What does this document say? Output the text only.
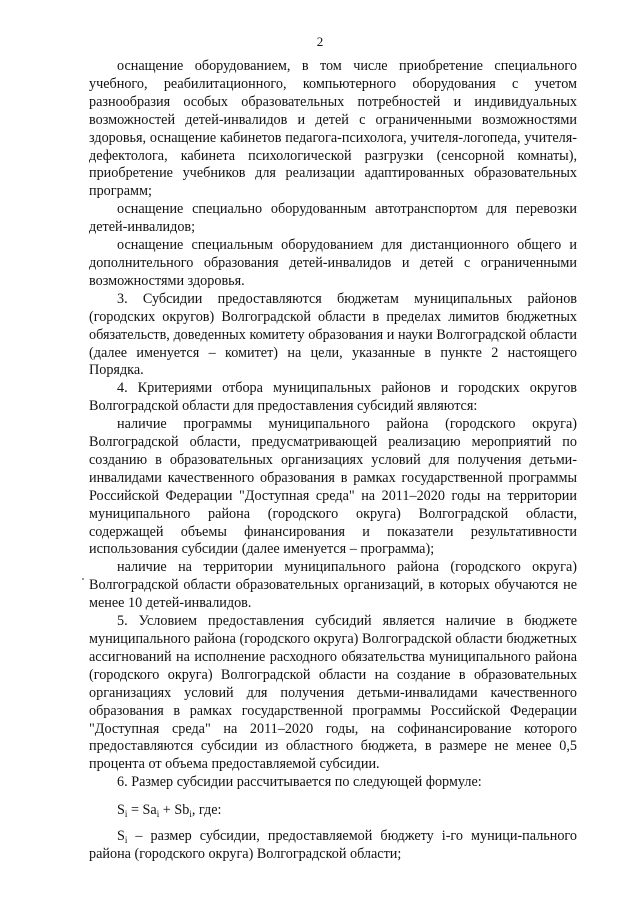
2

оснащение оборудованием, в том числе приобретение специального учебного, реабилитационного, компьютерного оборудования с учетом разнообразия особых образовательных потребностей и индивидуальных возможностей детей-инвалидов и детей с ограниченными возможностями здоровья, оснащение кабинетов педагога-психолога, учителя-логопеда, учителя-дефектолога, кабинета психологической разгрузки (сенсорной комнаты), приобретение учебников для реализации адаптированных образовательных программ;

оснащение специально оборудованным автотранспортом для перевозки детей-инвалидов;

оснащение специальным оборудованием для дистанционного общего и дополнительного образования детей-инвалидов и детей с ограниченными возможностями здоровья.

3. Субсидии предоставляются бюджетам муниципальных районов (городских округов) Волгоградской области в пределах лимитов бюджетных обязательств, доведенных комитету образования и науки Волгоградской области (далее именуется – комитет) на цели, указанные в пункте 2 настоящего Порядка.

4. Критериями отбора муниципальных районов и городских округов Волгоградской области для предоставления субсидий являются:

наличие программы муниципального района (городского округа) Волгоградской области, предусматривающей реализацию мероприятий по созданию в образовательных организациях условий для получения детьми-инвалидами качественного образования в рамках государственной программы Российской Федерации "Доступная среда" на 2011–2020 годы на территории муниципального района (городского округа) Волгоградской области, содержащей объемы финансирования и показатели результативности использования субсидии (далее именуется – программа);

наличие на территории муниципального района (городского округа) Волгоградской области образовательных организаций, в которых обучаются не менее 10 детей-инвалидов.

5. Условием предоставления субсидий является наличие в бюджете муниципального района (городского округа) Волгоградской области бюджетных ассигнований на исполнение расходного обязательства муниципального района (городского округа) Волгоградской области на создание в образовательных организациях условий для получения детьми-инвалидами качественного образования в рамках государственной программы Российской Федерации "Доступная среда" на 2011–2020 годы, на софинансирование которого предоставляются субсидии из областного бюджета, в размере не менее 0,5 процента от объема предоставляемой субсидии.

6. Размер субсидии рассчитывается по следующей формуле:

$S_i = Sa_i + Sb_i$, где:

$S_i$ – размер субсидии, предоставляемой бюджету i-го муници-пального района (городского округа) Волгоградской области;
